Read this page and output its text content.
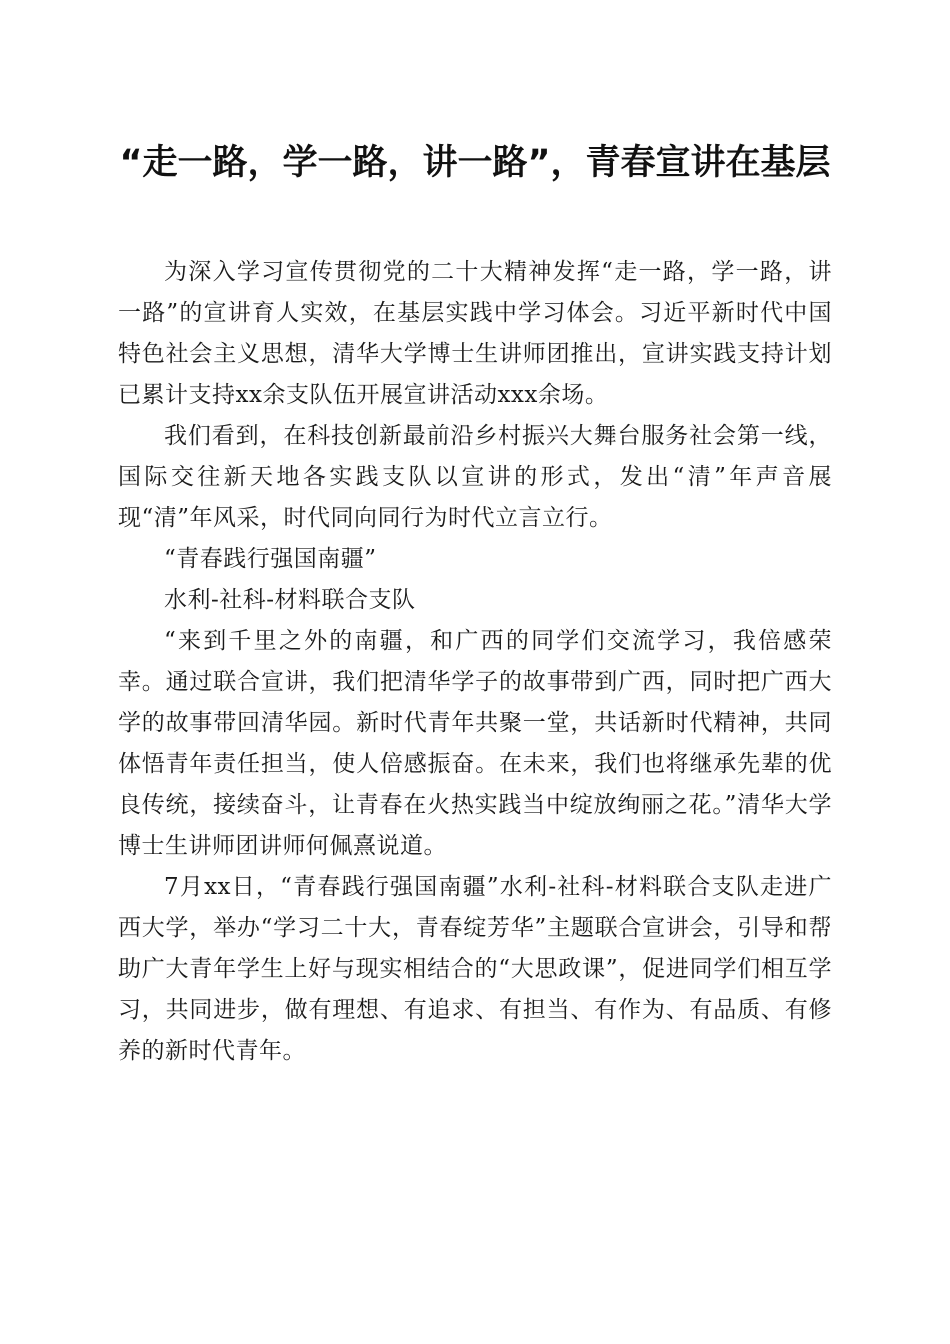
“走一路，学一路，讲一路”，青春宣讲在基层

为深入学习宣传贯彻党的二十大精神发挥“走一路，学一路，讲一路”的宣讲育人实效，在基层实践中学习体会。习近平新时代中国特色社会主义思想，清华大学博士生讲师团推出，宣讲实践支持计划已累计支持xx余支队伍开展宣讲活动xxx余场。

我们看到，在科技创新最前沿乡村振兴大舞台服务社会第一线，国际交往新天地各实践支队以宣讲的形式，发出“清”年声音展现“清”年风采，时代同向同行为时代立言立行。

“青春践行强国南疆”

水利-社科-材料联合支队

“来到千里之外的南疆，和广西的同学们交流学习，我倍感荣幸。通过联合宣讲，我们把清华学子的故事带到广西，同时把广西大学的故事带回清华园。新时代青年共聚一堂，共话新时代精神，共同体悟青年责任担当，使人倍感振奋。在未来，我们也将继承先辈的优良传统，接续奋斗，让青春在火热实践当中绽放绚丽之花。”清华大学博士生讲师团讲师何佩熹说道。

7月xx日，“青春践行强国南疆”水利-社科-材料联合支队走进广西大学，举办“学习二十大，青春绽芳华”主题联合宣讲会，引导和帮助广大青年学生上好与现实相结合的“大思政课”，促进同学们相互学习，共同进步，做有理想、有追求、有担当、有作为、有品质、有修养的新时代青年。
